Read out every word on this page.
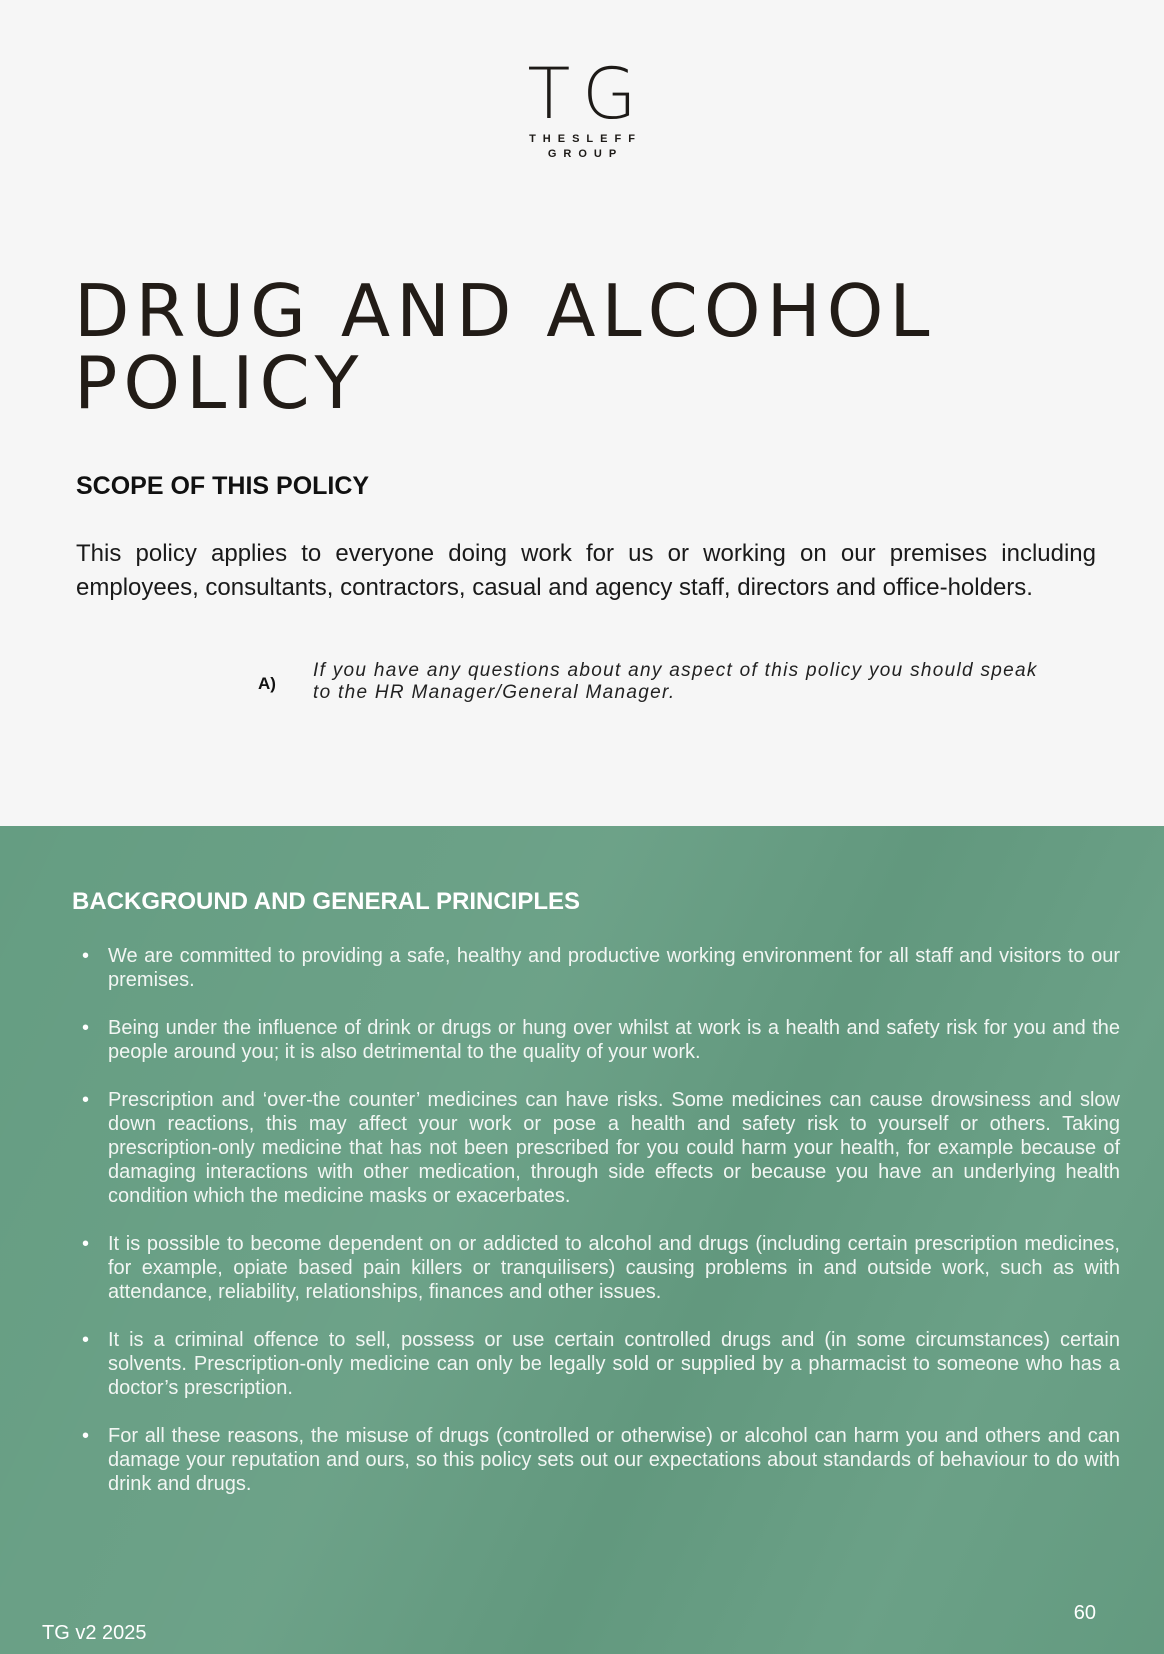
TG
THESLEFF
GROUP
DRUG AND ALCOHOL
POLICY
SCOPE OF THIS POLICY

This policy applies to everyone doing work for us or working on our premises including employees, consultants, contractors, casual and agency staff, directors and office-holders.

A)
If you have any questions about any aspect of this policy you should speak to the HR Manager/General Manager.
BACKGROUND AND GENERAL PRINCIPLES
• We are committed to providing a safe, healthy and productive working environment for all staff and visitors to our premises.
• Being under the influence of drink or drugs or hung over whilst at work is a health and safety risk for you and the people around you; it is also detrimental to the quality of your work.
• Prescription and ‘over-the counter’ medicines can have risks. Some medicines can cause drowsiness and slow down reactions, this may affect your work or pose a health and safety risk to yourself or others. Taking prescription-only medicine that has not been prescribed for you could harm your health, for example because of damaging interactions with other medication, through side effects or because you have an underlying health condition which the medicine masks or exacerbates.
• It is possible to become dependent on or addicted to alcohol and drugs (including certain prescription medicines, for example, opiate based pain killers or tranquilisers) causing problems in and outside work, such as with attendance, reliability, relationships, finances and other issues.
• It is a criminal offence to sell, possess or use certain controlled drugs and (in some circumstances) certain solvents. Prescription-only medicine can only be legally sold or supplied by a pharmacist to someone who has a doctor’s prescription.
• For all these reasons, the misuse of drugs (controlled or otherwise) or alcohol can harm you and others and can damage your reputation and ours, so this policy sets out our expectations about standards of behaviour to do with drink and drugs.
TG v2 2025
60
